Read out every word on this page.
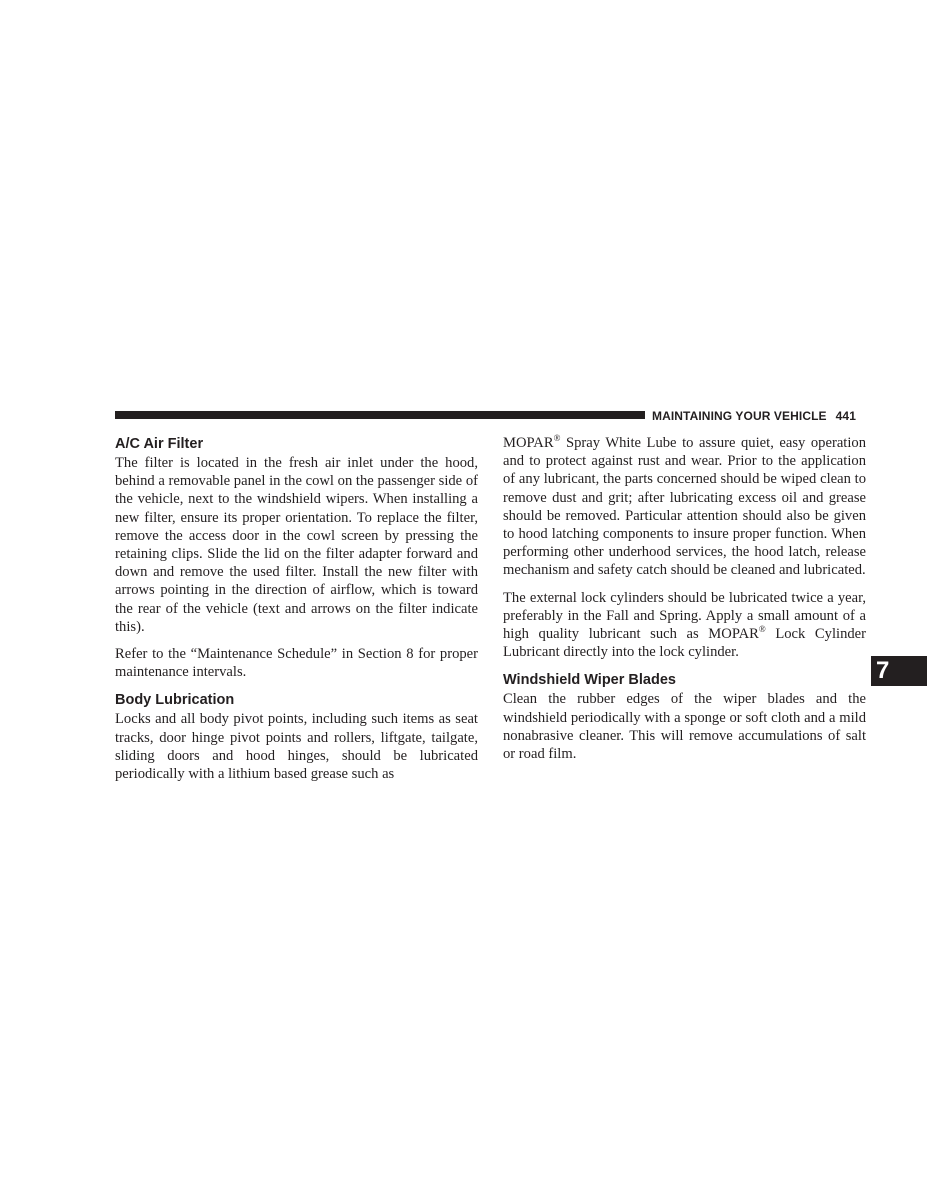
MAINTAINING YOUR VEHICLE 441
A/C Air Filter

The filter is located in the fresh air inlet under the hood, behind a removable panel in the cowl on the passenger side of the vehicle, next to the windshield wipers. When installing a new filter, ensure its proper orientation. To replace the filter, remove the access door in the cowl screen by pressing the retaining clips. Slide the lid on the filter adapter forward and down and remove the used filter. Install the new filter with arrows pointing in the direction of airflow, which is toward the rear of the vehicle (text and arrows on the filter indicate this).

Refer to the “Maintenance Schedule” in Section 8 for proper maintenance intervals.

Body Lubrication

Locks and all body pivot points, including such items as seat tracks, door hinge pivot points and rollers, liftgate, tailgate, sliding doors and hood hinges, should be lubricated periodically with a lithium based grease such as

MOPAR® Spray White Lube to assure quiet, easy operation and to protect against rust and wear. Prior to the application of any lubricant, the parts concerned should be wiped clean to remove dust and grit; after lubricating excess oil and grease should be removed. Particular attention should also be given to hood latching components to insure proper function. When performing other underhood services, the hood latch, release mechanism and safety catch should be cleaned and lubricated.

The external lock cylinders should be lubricated twice a year, preferably in the Fall and Spring. Apply a small amount of a high quality lubricant such as MOPAR® Lock Cylinder Lubricant directly into the lock cylinder.

Windshield Wiper Blades

Clean the rubber edges of the wiper blades and the windshield periodically with a sponge or soft cloth and a mild nonabrasive cleaner. This will remove accumulations of salt or road film.

7
